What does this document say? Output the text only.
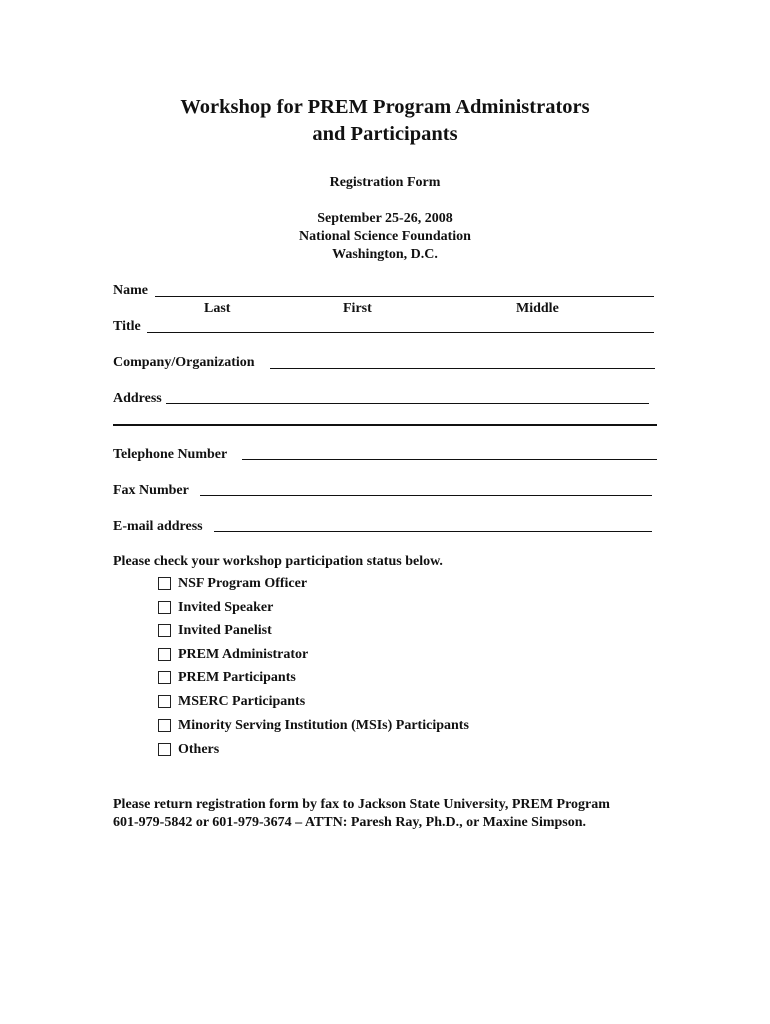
Workshop for PREM Program Administrators
and Participants
Registration Form
September 25-26, 2008
National Science Foundation
Washington, D.C.
Name
Last	First	Middle
Title
Company/Organization
Address
Telephone Number
Fax Number
E-mail address
Please check your workshop participation status below.
NSF Program Officer
Invited Speaker
Invited Panelist
PREM Administrator
PREM Participants
MSERC Participants
Minority Serving Institution (MSIs) Participants
Others
Please return registration form by fax to Jackson State University, PREM Program
601-979-5842 or 601-979-3674 – ATTN: Paresh Ray, Ph.D., or Maxine Simpson.
